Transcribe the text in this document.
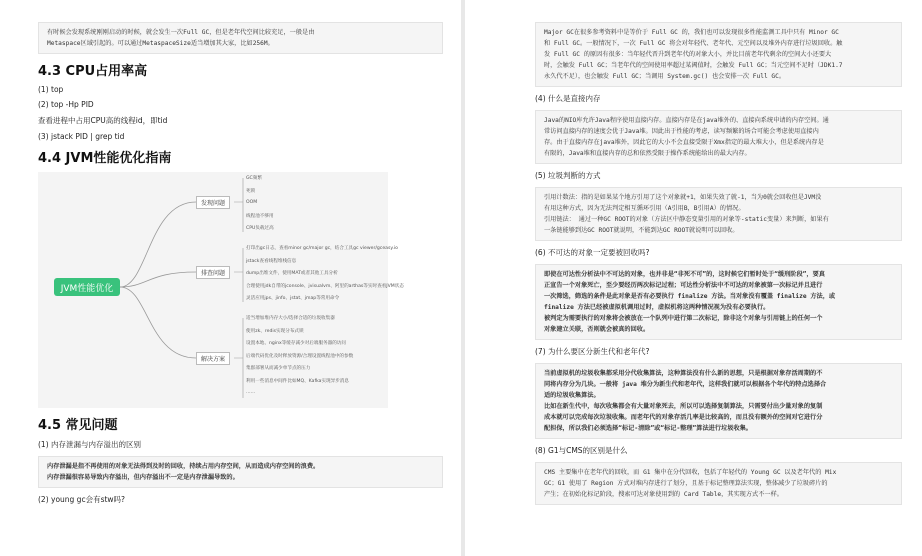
有时候会发现系统刚刚启动的时候，就会发生一次Full GC，但是老年代空间比较充足，一般是由

Metaspace区域引起的。可以通过MetaspaceSize适当增加其大家，比如256M。

4.3 CPU占用率高
(1) top
(2) top -Hp PID
查看进程中占用CPU高的线程id，即tid
(3) jstack PID | grep tid
4.4 JVM性能优化指南
JVM性能优化
发现问题
排查问题
解决方案
GC频繁
死锁
OOM
线程池不够用
CPU负载过高
打印出gc日志，查看minor gc/major gc，结合工具gc viewer/gceasy.io
jstack查看线程堆栈信息
dump出堆文件，使用MAT或者其他工具分析
合理使用jdk自带的jconsole、jvisualvm、阿里的arthas等实时查看JVM状态
灵活应用jps、jinfo、jstat、jmap等常用命令
适当增加堆内存大小/选择合适的垃圾收集器
使用zk、redis实现分布式锁
设置本地、nginx等缓存减少对后端服务器的访问
后端代码优化及时释放资源/合理设置线程池中的参数
集群部署从而减少单节点的压力
利用一些消息中间件比如MQ、Kafka实现异步消息
……
4.5 常见问题
(1) 内存泄漏与内存溢出的区别

内存泄漏是指不再使用的对象无法得到及时的回收，持续占用内存空间，从而造成内存空间的浪费。

内存泄漏很容易导致内存溢出，但内存溢出不一定是内存泄漏导致的。

(2) young gc会有stw吗?

Major GC在很多参考资料中是等价于 Full GC 的，我们也可以发现很多性能监测工具中只有 Minor GC

和 Full GC。一般情况下，一次 Full GC 将会对年轻代、老年代、元空间以及堆外内存进行垃圾回收。触

发 Full GC 的原因有很多：当年轻代晋升到老年代的对象大小，并比目前老年代剩余的空间大小还要大

时，会触发 Full GC；当老年代的空间使用率超过某阈值时，会触发 Full GC；当元空间不足时（JDK1.7

永久代不足），也会触发 Full GC；当调用 System.gc() 也会安排一次 Full GC。

(4) 什么是直接内存

Java的NIO库允许Java程序使用直接内存。直接内存是在java堆外的、直接向系统申请的内存空间。通

常访问直接内存的速度会优于Java堆。因此出于性能的考虑，读写频繁的场合可能会考虑使用直接内

存。由于直接内存在java堆外，因此它的大小不会直接受限于Xmx指定的最大堆大小，但是系统内存是

有限的，Java堆和直接内存的总和依然受限于操作系统能给出的最大内存。

(5) 垃圾判断的方式

引用计数法：指的是如果某个地方引用了这个对象就+1，如果失效了就-1，当为0就会回收但是JVM没

有用这种方式，因为无法判定相互循环引用（A引用B，B引用A）的情况。

引用链法： 通过一种GC ROOT的对象（方法区中静态变量引用的对象等-static变量）来判断，如果有

一条链能够到达GC ROOT就说明，不能到达GC ROOT就说明可以回收。

(6) 不可达的对象一定要被回收吗?

即使在可达性分析法中不可达的对象，也并非是“非死不可”的，这时候它们暂时处于“缓刑阶段”，要真

正宣告一个对象死亡，至少要经历两次标记过程；可达性分析法中不可达的对象被第一次标记并且进行

一次筛选，筛选的条件是此对象是否有必要执行 finalize 方法。当对象没有覆盖 finalize 方法，或

finalize 方法已经被虚拟机调用过时，虚拟机将这两种情况视为没有必要执行。

被判定为需要执行的对象将会被放在一个队列中进行第二次标记，除非这个对象与引用链上的任何一个

对象建立关联，否则就会被真的回收。

(7) 为什么要区分新生代和老年代?

当前虚拟机的垃圾收集都采用分代收集算法，这种算法没有什么新的思想，只是根据对象存活周期的不

同将内存分为几块。一般将 java 堆分为新生代和老年代，这样我们就可以根据各个年代的特点选择合

适的垃圾收集算法。

比如在新生代中，每次收集都会有大量对象死去，所以可以选择复制算法，只需要付出少量对象的复制

成本就可以完成每次垃圾收集。而老年代的对象存活几率是比较高的，而且没有额外的空间对它进行分

配担保，所以我们必须选择“标记-清除”或“标记-整理”算法进行垃圾收集。

(8) G1与CMS的区别是什么

CMS 主要集中在老年代的回收，而 G1 集中在分代回收，包括了年轻代的 Young GC 以及老年代的 Mix

GC；G1 使用了 Region 方式对堆内存进行了划分，且基于标记整理算法实现，整体减少了垃圾碎片的

产生；在初始化标记阶段，搜索可达对象使用到的 Card Table，其实现方式不一样。
